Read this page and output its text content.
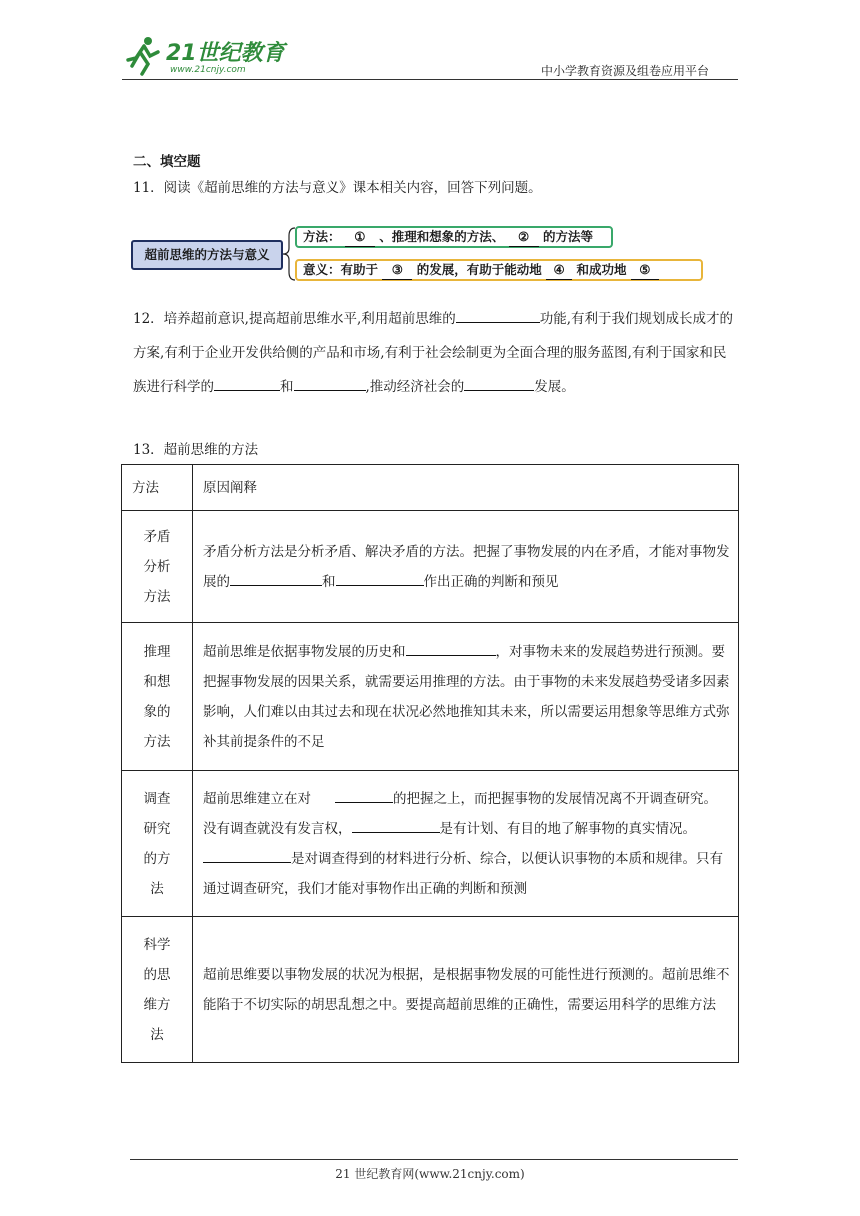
21世纪教育
www.21cnjy.com	中小学教育资源及组卷应用平台
二、填空题
11．阅读《超前思维的方法与意义》课本相关内容，回答下列问题。
超前思维的方法与意义
方法： ① 、推理和想象的方法、 ② 的方法等
意义：有助于 ③ 的发展，有助于能动地 ④ 和成功地 ⑤
12．培养超前意识,提高超前思维水平,利用超前思维的	功能,有利于我们规划成长成才的方案,有利于企业开发供给侧的产品和市场,有利于社会绘制更为全面合理的服务蓝图,有利于国家和民族进行科学的	和	,推动经济社会的	发展。
13．超前思维的方法
方法	原因阐释
矛盾分析方法	矛盾分析方法是分析矛盾、解决矛盾的方法。把握了事物发展的内在矛盾，才能对事物发展的 和 作出正确的判断和预见
推理和想象的方法	超前思维是依据事物发展的历史和 ，对事物未来的发展趋势进行预测。要把握事物发展的因果关系，就需要运用推理的方法。由于事物的未来发展趋势受诸多因素影响，人们难以由其过去和现在状况必然地推知其未来，所以需要运用想象等思维方式弥补其前提条件的不足
调查研究的方法	超前思维建立在对 的把握之上，而把握事物的发展情况离不开调查研究。没有调查就没有发言权， 是有计划、有目的地了解事物的真实情况。是对调查得到的材料进行分析、综合，以便认识事物的本质和规律。只有通过调查研究，我们才能对事物作出正确的判断和预测
科学的思维方法	超前思维要以事物发展的状况为根据，是根据事物发展的可能性进行预测的。超前思维不能陷于不切实际的胡思乱想之中。要提高超前思维的正确性，需要运用科学的思维方法
21 世纪教育网(www.21cnjy.com)
